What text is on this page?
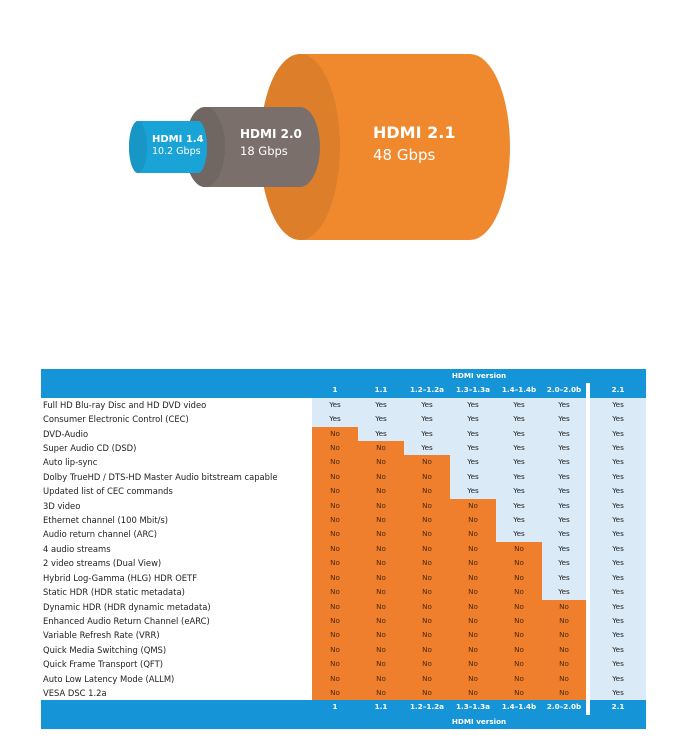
HDMI 1.4
10.2 Gbps
HDMI 2.0
18 Gbps
HDMI 2.1
48 Gbps
	HDMI version						
	1	1.1	1.2–1.2a	1.3–1.3a	1.4–1.4b	2.0–2.0b	2.1
Full HD Blu-ray Disc and HD DVD video	Yes	Yes	Yes	Yes	Yes	Yes	Yes
Consumer Electronic Control (CEC)	Yes	Yes	Yes	Yes	Yes	Yes	Yes
DVD-Audio	No	Yes	Yes	Yes	Yes	Yes	Yes
Super Audio CD (DSD)	No	No	Yes	Yes	Yes	Yes	Yes
Auto lip-sync	No	No	No	Yes	Yes	Yes	Yes
Dolby TrueHD / DTS-HD Master Audio bitstream capable	No	No	No	Yes	Yes	Yes	Yes
Updated list of CEC commands	No	No	No	Yes	Yes	Yes	Yes
3D video	No	No	No	No	Yes	Yes	Yes
Ethernet channel (100 Mbit/s)	No	No	No	No	Yes	Yes	Yes
Audio return channel (ARC)	No	No	No	No	Yes	Yes	Yes
4 audio streams	No	No	No	No	No	Yes	Yes
2 video streams (Dual View)	No	No	No	No	No	Yes	Yes
Hybrid Log-Gamma (HLG) HDR OETF	No	No	No	No	No	Yes	Yes
Static HDR (HDR static metadata)	No	No	No	No	No	Yes	Yes
Dynamic HDR (HDR dynamic metadata)	No	No	No	No	No	No	Yes
Enhanced Audio Return Channel (eARC)	No	No	No	No	No	No	Yes
Variable Refresh Rate (VRR)	No	No	No	No	No	No	Yes
Quick Media Switching (QMS)	No	No	No	No	No	No	Yes
Quick Frame Transport (QFT)	No	No	No	No	No	No	Yes
Auto Low Latency Mode (ALLM)	No	No	No	No	No	No	Yes
VESA DSC 1.2a	No	No	No	No	No	No	Yes
	1	1.1	1.2–1.2a	1.3–1.3a	1.4–1.4b	2.0–2.0b	2.1
	HDMI version						
